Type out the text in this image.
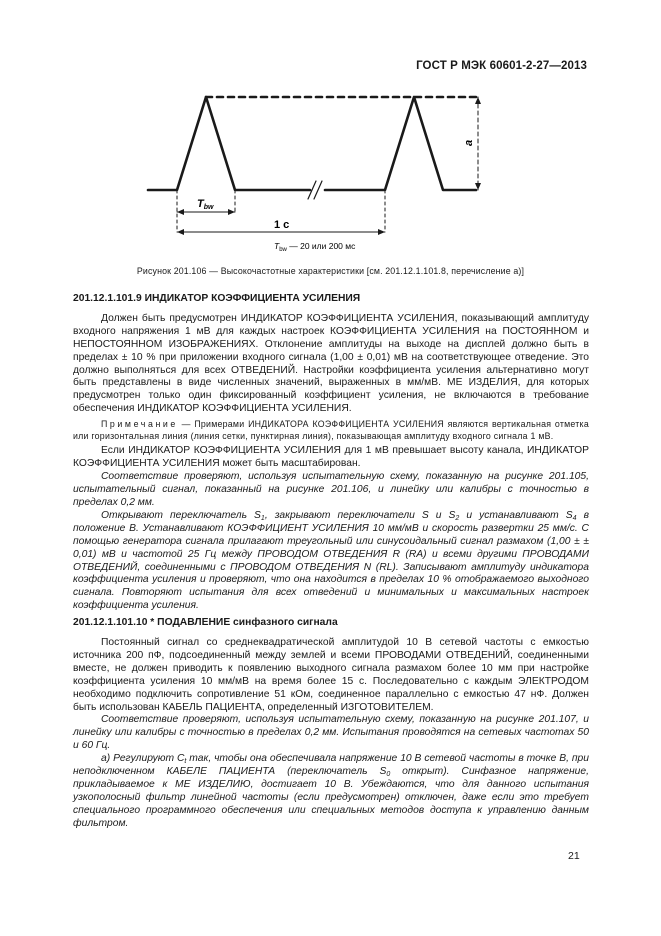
ГОСТ Р МЭК 60601-2-27—2013
a
Tbw
1 c
$T_{bw}$ — 20 или 200 мс
Рисунок 201.106 — Высокочастотные характеристики [см. 201.12.1.101.8, перечисление а)]
201.12.1.101.9 ИНДИКАТОР КОЭФФИЦИЕНТА УСИЛЕНИЯ

Должен быть предусмотрен ИНДИКАТОР КОЭФФИЦИЕНТА УСИЛЕНИЯ, показывающий амплитуду входного напряжения 1 мВ для каждых настроек КОЭФФИЦИЕНТА УСИЛЕНИЯ на ПОСТОЯННОМ и НЕПОСТОЯННОМ ИЗОБРАЖЕНИЯХ. Отклонение амплитуды на выходе на дисплей должно быть в пределах ± 10 % при приложении входного сигнала (1,00 ± 0,01) мВ на соответствующее отведение. Это должно выполняться для всех ОТВЕДЕНИЙ. Настройки коэффициента усиления альтернативно могут быть представлены в виде численных значений, выраженных в мм/мВ. МЕ ИЗДЕЛИЯ, для которых предусмотрен только один фиксированный коэффициент усиления, не включаются в требование обеспечения ИНДИКАТОР КОЭФФИЦИЕНТА УСИЛЕНИЯ.

Примечание — Примерами ИНДИКАТОРА КОЭФФИЦИЕНТА УСИЛЕНИЯ являются вертикальная отметка или горизонтальная линия (линия сетки, пунктирная линия), показывающая амплитуду входного сигнала 1 мВ.

Если ИНДИКАТОР КОЭФФИЦИЕНТА УСИЛЕНИЯ для 1 мВ превышает высоту канала, ИНДИКАТОР КОЭФФИЦИЕНТА УСИЛЕНИЯ может быть масштабирован.

Соответствие проверяют, используя испытательную схему, показанную на рисунке 201.105, испытательный сигнал, показанный на рисунке 201.106, и линейку или калибры с точностью в пределах 0,2 мм.

Открывают переключатель $S_1$, закрывают переключатели S и $S_2$ и устанавливают $S_4$ в положение В. Устанавливают КОЭФФИЦИЕНТ УСИЛЕНИЯ 10 мм/мВ и скорость развертки 25 мм/с. С помощью генератора сигнала прилагают треугольный или синусоидальный сигнал размахом (1,00 ± ± 0,01) мВ и частотой 25 Гц между ПРОВОДОМ ОТВЕДЕНИЯ R (RA) и всеми другими ПРОВОДАМИ ОТВЕДЕНИЙ, соединенными с ПРОВОДОМ ОТВЕДЕНИЯ N (RL). Записывают амплитуду индикатора коэффициента усиления и проверяют, что она находится в пределах 10 % отображаемого выходного сигнала. Повторяют испытания для всех отведений и минимальных и максимальных настроек коэффициента усиления.

201.12.1.101.10 * ПОДАВЛЕНИЕ синфазного сигнала

Постоянный сигнал со среднеквадратической амплитудой 10 В сетевой частоты с емкостью источника 200 пФ, подсоединенный между землей и всеми ПРОВОДАМИ ОТВЕДЕНИЙ, соединенными вместе, не должен приводить к появлению выходного сигнала размахом более 10 мм при настройке коэффициента усиления 10 мм/мВ на время более 15 с. Последовательно с каждым ЭЛЕКТРОДОМ необходимо подключить сопротивление 51 кОм, соединенное параллельно с емкостью 47 нФ. Должен быть использован КАБЕЛЬ ПАЦИЕНТА, определенный ИЗГОТОВИТЕЛЕМ.

Соответствие проверяют, используя испытательную схему, показанную на рисунке 201.107, и линейку или калибры с точностью в пределах 0,2 мм. Испытания проводятся на сетевых частотах 50 и 60 Гц.

а) Регулируют $C_t$ так, чтобы она обеспечивала напряжение 10 В сетевой частоты в точке В, при неподключенном КАБЕЛЕ ПАЦИЕНТА (переключатель $S_0$ открыт). Синфазное напряжение, прикладываемое к МЕ ИЗДЕЛИЮ, достигает 10 В. Убеждаются, что для данного испытания узкополосный фильтр линейной частоты (если предусмотрен) отключен, даже если это требует специального программного обеспечения или специальных методов доступа к управлению данным фильтром.

21
